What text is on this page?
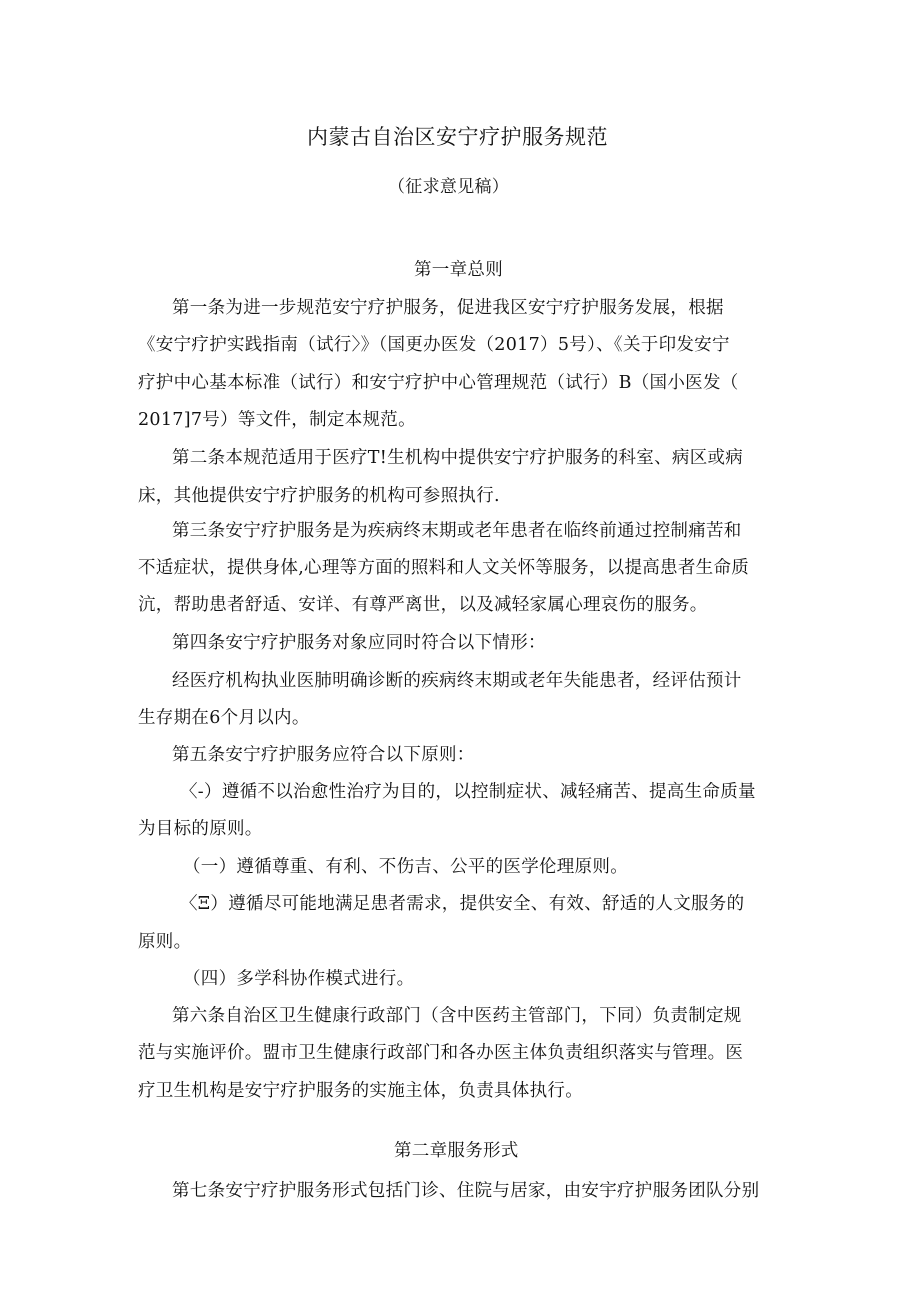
内蒙古自治区安宁疗护服务规范
（征求意见稿）
第一章总则
第一条为进一步规范安宁疗护服务，促进我区安宁疗护服务发展，根据
《安宁疗护实践指南（试行〉》（国更办医发（2017）5号）、《关于印发安宁
疗护中心基本标准（试行）和安宁疗护中心管理规范（试行）B（国小医发（
2017]7号）等文件，制定本规范。
第二条本规范适用于医疗T!生机构中提供安宁疗护服务的科室、病区或病
床，其他提供安宁疗护服务的机构可参照执行.
第三条安宁疗护服务是为疾病终末期或老年患者在临终前通过控制痛苦和
不适症状，提供身体,心理等方面的照料和人文关怀等服务，以提高患者生命质
沆，帮助患者舒适、安详、有尊严离世，以及减轻家属心理哀伤的服务。
第四条安宁疗护服务对象应同时符合以下情形：
经医疗机构执业医肺明确诊断的疾病终末期或老年失能患者，经评估预计
生存期在6个月以内。
第五条安宁疗护服务应符合以下原则：
〈-）遵循不以治愈性治疗为目的，以控制症状、减轻痛苦、提高生命质量
为目标的原则。
（一）遵循尊重、有利、不伤吉、公平的医学伦理原则。
〈Ξ）遵循尽可能地满足患者需求，提供安全、有效、舒适的人文服务的
原则。
（四）多学科协作模式进行。
第六条自治区卫生健康行政部门（含中医药主管部门，下同）负责制定规
范与实施评价。盟市卫生健康行政部门和各办医主体负责组织落实与管理。医
疗卫生机构是安宁疗护服务的实施主体，负责具体执行。
第二章服务形式
第七条安宁疗护服务形式包括门诊、住院与居家，由安宇疗护服务团队分别
